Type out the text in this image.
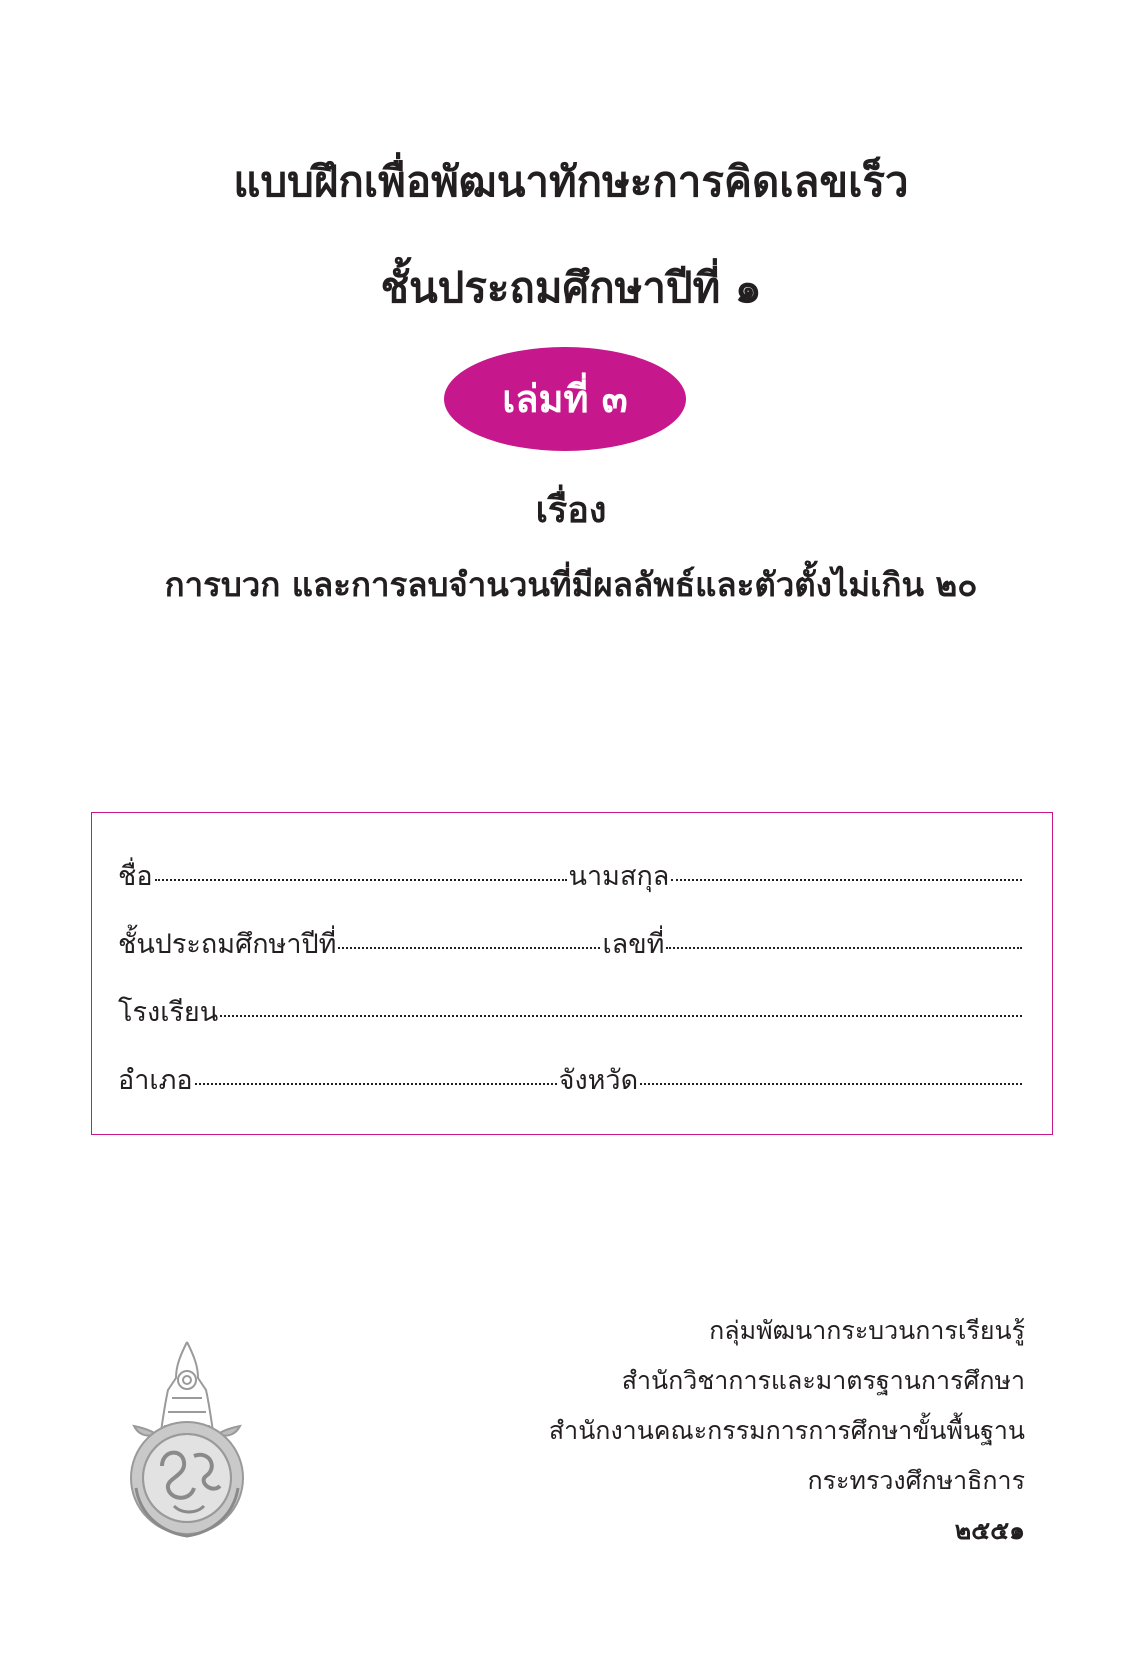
แบบฝึกเพื่อพัฒนาทักษะการคิดเลขเร็ว
ชั้นประถมศึกษาปีที่ ๑
เล่มที่ ๓
เรื่อง
การบวก และการลบจำนวนที่มีผลลัพธ์และตัวตั้งไม่เกิน ๒๐
ชื่อ	นามสกุล
ชั้นประถมศึกษาปีที่	เลขที่
โรงเรียน
อำเภอ	จังหวัด
กลุ่มพัฒนากระบวนการเรียนรู้
สำนักวิชาการและมาตรฐานการศึกษา
สำนักงานคณะกรรมการการศึกษาขั้นพื้นฐาน
กระทรวงศึกษาธิการ
๒๕๕๑
